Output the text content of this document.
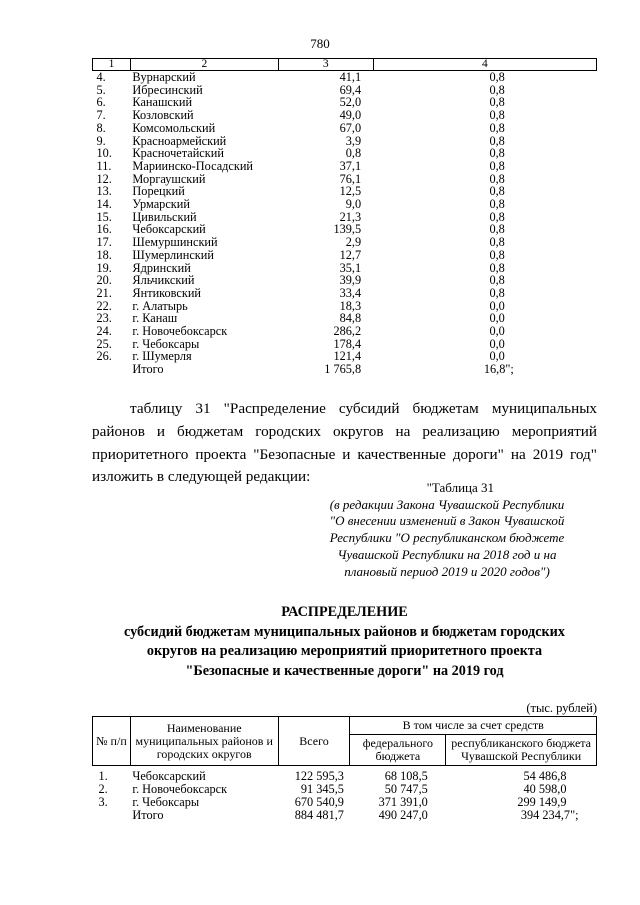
780
1	2	3	4
4.	Вурнарский	41,1	0,8
5.	Ибресинский	69,4	0,8
6.	Канашский	52,0	0,8
7.	Козловский	49,0	0,8
8.	Комсомольский	67,0	0,8
9.	Красноармейский	3,9	0,8
10.	Красночетайский	0,8	0,8
11.	Мариинско-Посадский	37,1	0,8
12.	Моргаушский	76,1	0,8
13.	Порецкий	12,5	0,8
14.	Урмарский	9,0	0,8
15.	Цивильский	21,3	0,8
16.	Чебоксарский	139,5	0,8
17.	Шемуршинский	2,9	0,8
18.	Шумерлинский	12,7	0,8
19.	Ядринский	35,1	0,8
20.	Яльчикский	39,9	0,8
21.	Янтиковский	33,4	0,8
22.	г. Алатырь	18,3	0,0
23.	г. Канаш	84,8	0,0
24.	г. Новочебоксарск	286,2	0,0
25.	г. Чебоксары	178,4	0,0
26.	г. Шумерля	121,4	0,0
	Итого	1 765,8	16,8";
таблицу 31 "Распределение субсидий бюджетам муниципальных районов и бюджетам городских округов на реализацию мероприятий приоритетного проекта "Безопасные и качественные дороги" на 2019 год" изложить в следующей редакции:
"Таблица 31
(в редакции Закона Чувашской Республики
"О внесении изменений в Закон Чувашской
Республики "О республиканском бюджете
Чувашской Республики на 2018 год и на
плановый период 2019 и 2020 годов")
РАСПРЕДЕЛЕНИЕ
субсидий бюджетам муниципальных районов и бюджетам городских
округов на реализацию мероприятий приоритетного проекта
"Безопасные и качественные дороги" на 2019 год
(тыс. рублей)
№ п/п	Наименование муниципальных районов и городских округов	Всего	В том числе за счет средств	
			федерального бюджета	республиканского бюджета Чувашской Республики
1.	Чебоксарский	122 595,3	68 108,5	54 486,8
2.	г. Новочебоксарск	91 345,5	50 747,5	40 598,0
3.	г. Чебоксары	670 540,9	371 391,0	299 149,9
	Итого	884 481,7	490 247,0	394 234,7";
